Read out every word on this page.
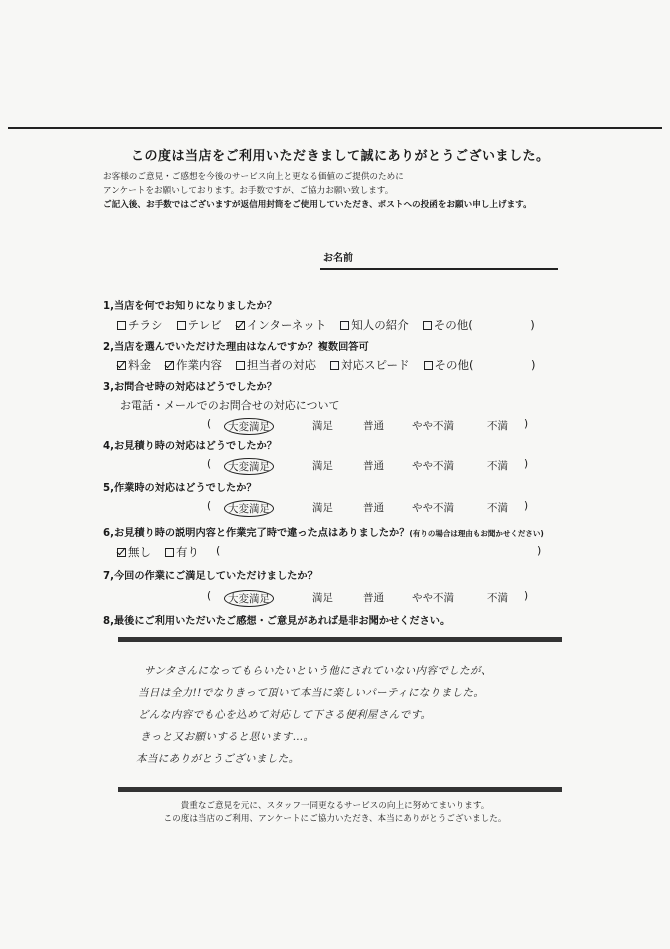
この度は当店をご利用いただきまして誠にありがとうございました。
お客様のご意見・ご感想を今後のサービス向上と更なる価値のご提供のために
アンケートをお願いしております。お手数ですが、ご協力お願い致します。
ご記入後、お手数ではございますが返信用封筒をご使用していただき、ポストへの投函をお願い申し上げます。
お名前
1,当店を何でお知りになりましたか？
チラシ テレビ インターネット 知人の紹介 その他(　　　　　)
2,当店を選んでいただけた理由はなんですか？複数回答可
料金 作業内容 担当者の対応 対応スピード その他(　　　　　)
3,お問合せ時の対応はどうでしたか？
お電話・メールでのお問合せの対応について
(	大変満足	満足	普通	やや不満	不満 )
4,お見積り時の対応はどうでしたか？
(	大変満足	満足	普通	やや不満	不満 )
5,作業時の対応はどうでしたか？
(	大変満足	満足	普通	やや不満	不満 )
6,お見積り時の説明内容と作業完了時で違った点はありましたか？(有りの場合は理由もお聞かせください)
無し 有り (	)
7,今回の作業にご満足していただけましたか？
(	大変満足	満足	普通	やや不満	不満 )
8,最後にご利用いただいたご感想・ご意見があれば是非お聞かせください。
サンタさんになってもらいたいという他にされていない内容でしたが、
当日は全力!!でなりきって頂いて本当に楽しいパーティになりました。
どんな内容でも心を込めて対応して下さる便利屋さんです。
きっと又お願いすると思います…。
本当にありがとうございました。
貴重なご意見を元に、スタッフ一同更なるサービスの向上に努めてまいります。
この度は当店のご利用、アンケートにご協力いただき、本当にありがとうございました。
